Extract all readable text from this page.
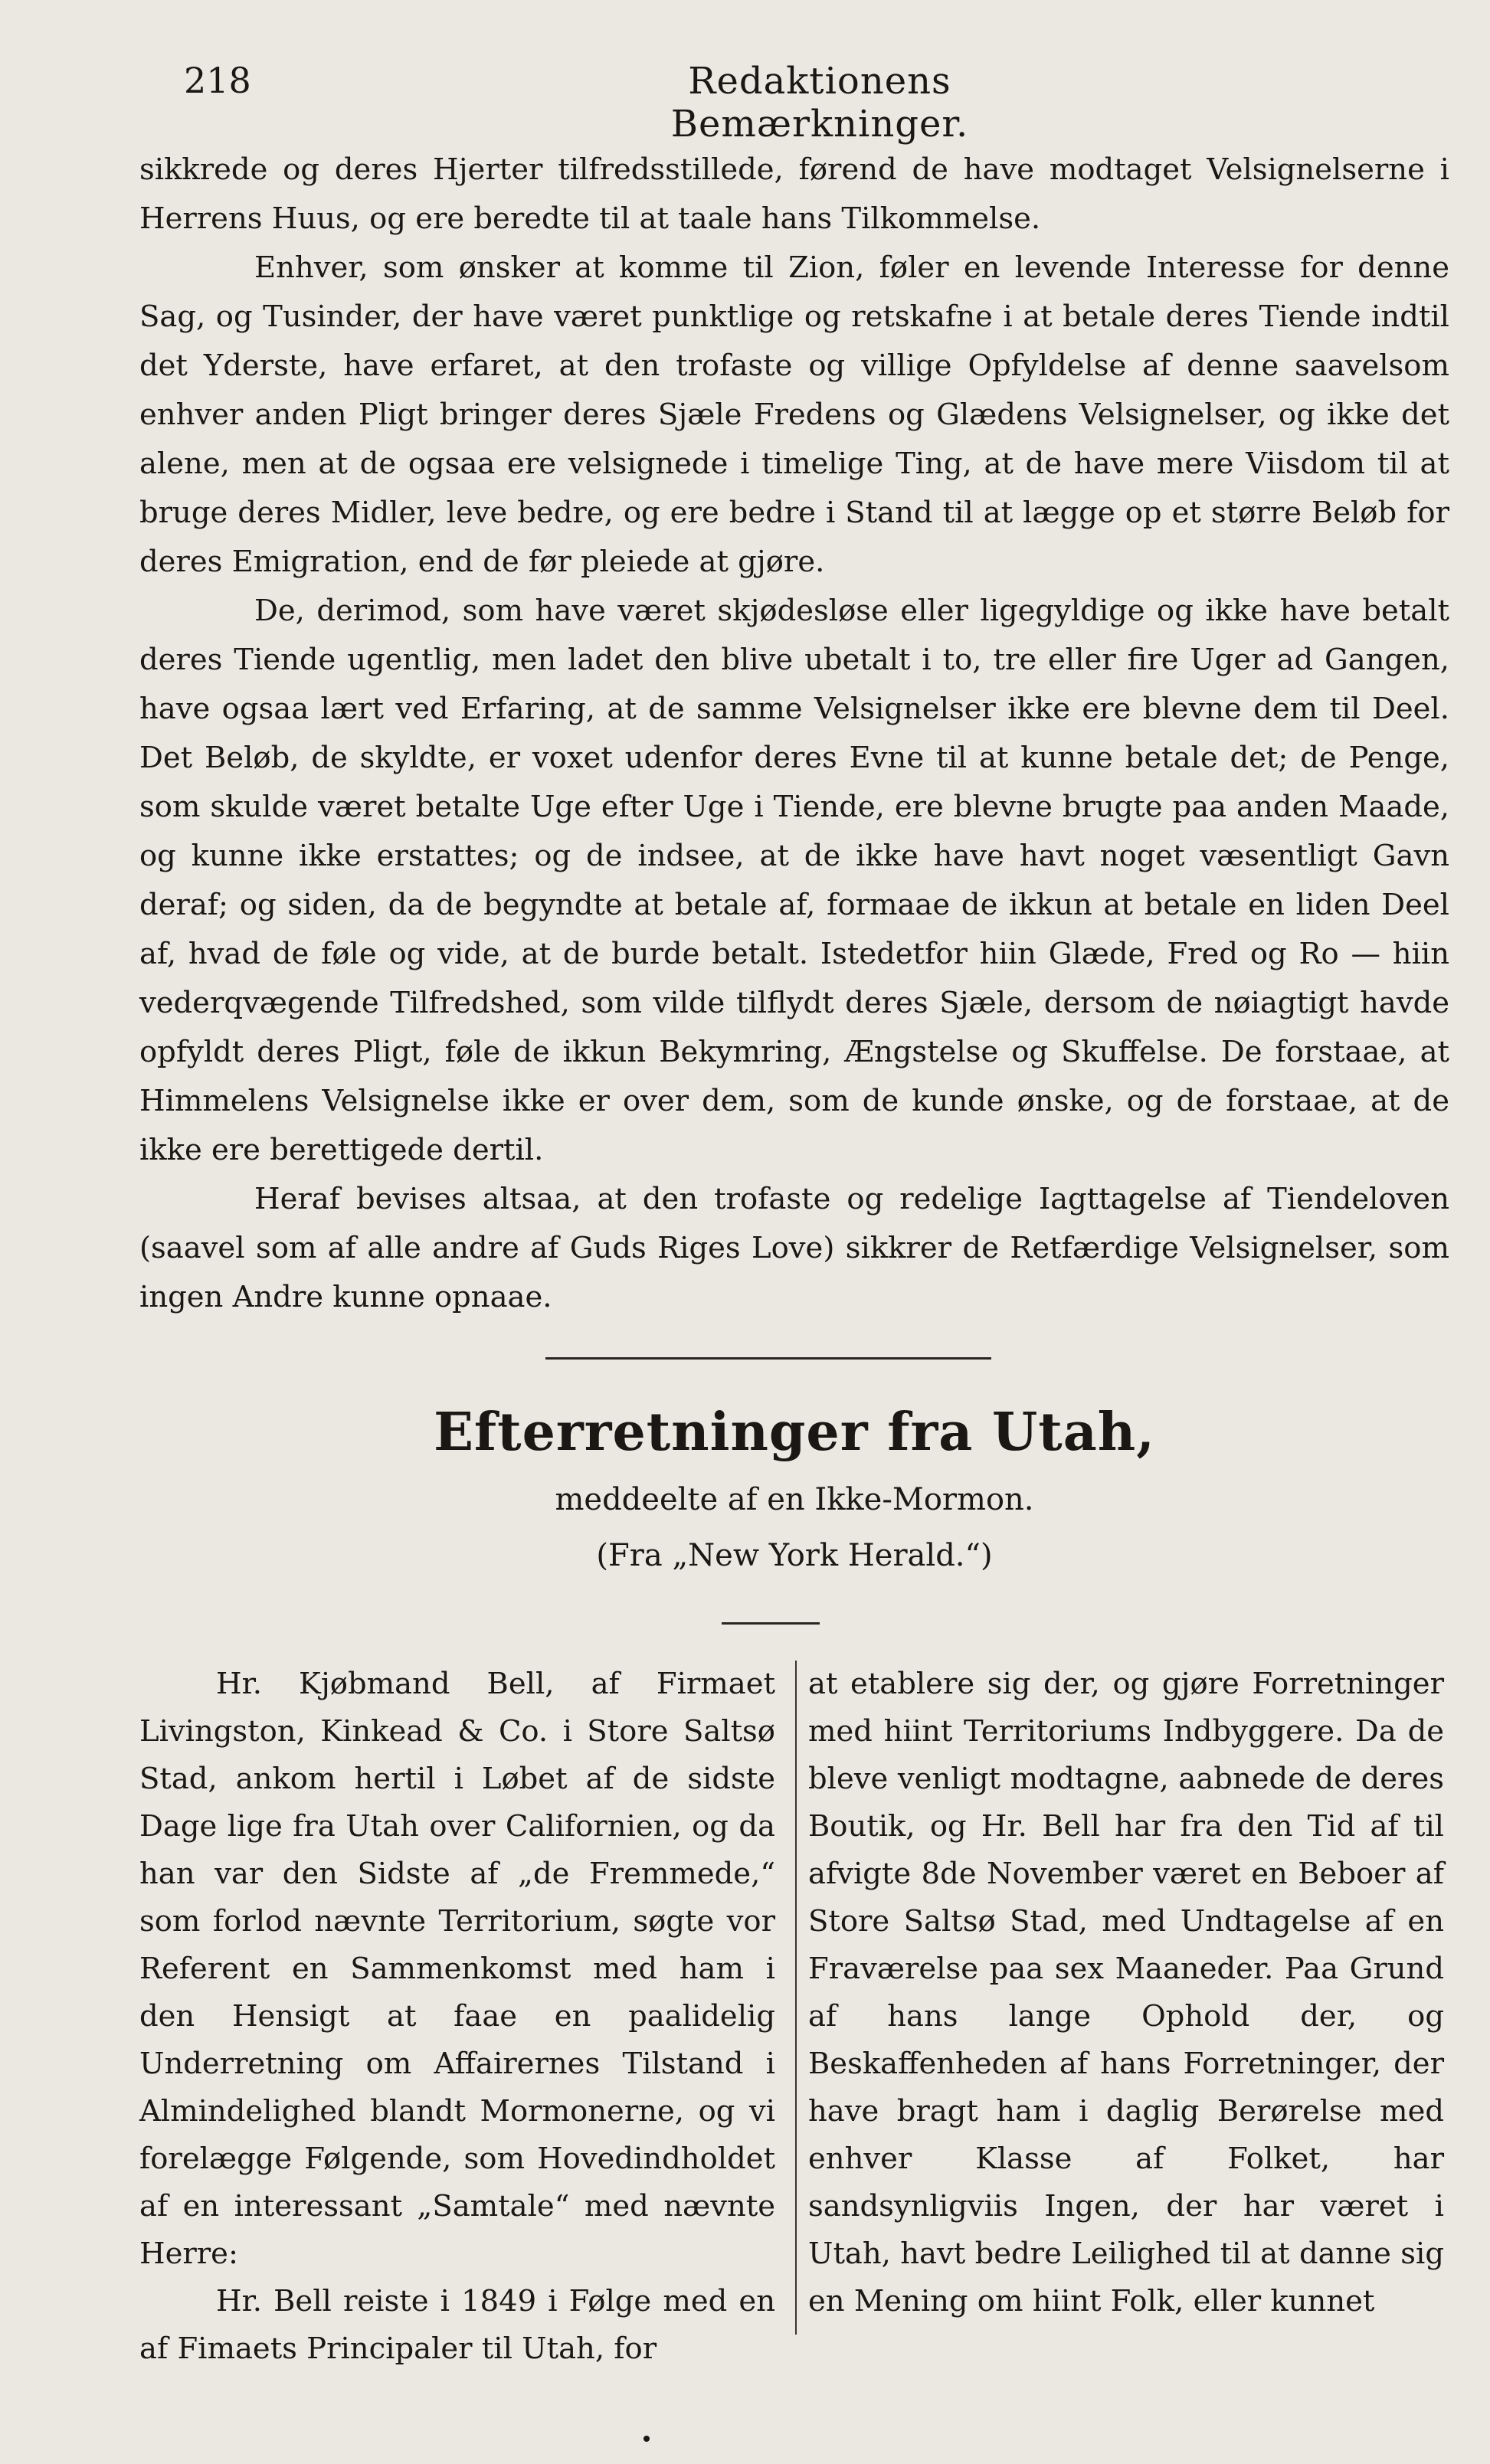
218	Redaktionens Bemærkninger.

sikkrede og deres Hjerter tilfredsstillede, førend de have modtaget Velsignelserne i Herrens Huus, og ere beredte til at taale hans Tilkommelse.

Enhver, som ønsker at komme til Zion, føler en levende Interesse for denne Sag, og Tusinder, der have været punktlige og retskafne i at betale deres Tiende indtil det Yderste, have erfaret, at den trofaste og villige Opfyldelse af denne saavelsom enhver anden Pligt bringer deres Sjæle Fredens og Glædens Velsignelser, og ikke det alene, men at de ogsaa ere velsignede i timelige Ting, at de have mere Viisdom til at bruge deres Midler, leve bedre, og ere bedre i Stand til at lægge op et større Beløb for deres Emigration, end de før pleiede at gjøre.

De, derimod, som have været skjødesløse eller ligegyldige og ikke have betalt deres Tiende ugentlig, men ladet den blive ubetalt i to, tre eller fire Uger ad Gangen, have ogsaa lært ved Erfaring, at de samme Velsignelser ikke ere blevne dem til Deel. Det Beløb, de skyldte, er voxet udenfor deres Evne til at kunne betale det; de Penge, som skulde været betalte Uge efter Uge i Tiende, ere blevne brugte paa anden Maade, og kunne ikke erstattes; og de indsee, at de ikke have havt noget væsentligt Gavn deraf; og siden, da de begyndte at betale af, formaae de ikkun at betale en liden Deel af, hvad de føle og vide, at de burde betalt. Istedetfor hiin Glæde, Fred og Ro — hiin vederqvægende Tilfredshed, som vilde tilflydt deres Sjæle, dersom de nøiagtigt havde opfyldt deres Pligt, føle de ikkun Bekymring, Ængstelse og Skuffelse. De forstaae, at Himmelens Velsignelse ikke er over dem, som de kunde ønske, og de forstaae, at de ikke ere berettigede dertil.

Heraf bevises altsaa, at den trofaste og redelige Iagttagelse af Tiendeloven (saavel som af alle andre af Guds Riges Love) sikkrer de Retfærdige Velsignelser, som ingen Andre kunne opnaae.

Efterretninger fra Utah,
meddeelte af en Ikke-Mormon.
(Fra „New York Herald.“)

Hr. Kjøbmand Bell, af Firmaet Livingston, Kinkead & Co. i Store Saltsø Stad, ankom hertil i Løbet af de sidste Dage lige fra Utah over Californien, og da han var den Sidste af „de Fremmede,“ som forlod nævnte Territorium, søgte vor Referent en Sammenkomst med ham i den Hensigt at faae en paalidelig Underretning om Affairernes Tilstand i Almindelighed blandt Mormonerne, og vi forelægge Følgende, som Hovedindholdet af en interessant „Samtale“ med nævnte Herre:

Hr. Bell reiste i 1849 i Følge med en af Fimaets Principaler til Utah, for

at etablere sig der, og gjøre Forretninger med hiint Territoriums Indbyggere. Da de bleve venligt modtagne, aabnede de deres Boutik, og Hr. Bell har fra den Tid af til afvigte 8de November været en Beboer af Store Saltsø Stad, med Undtagelse af en Fraværelse paa sex Maaneder. Paa Grund af hans lange Ophold der, og Beskaffenheden af hans Forretninger, der have bragt ham i daglig Berørelse med enhver Klasse af Folket, har sandsynligviis Ingen, der har været i Utah, havt bedre Leilighed til at danne sig en Mening om hiint Folk, eller kunnet
